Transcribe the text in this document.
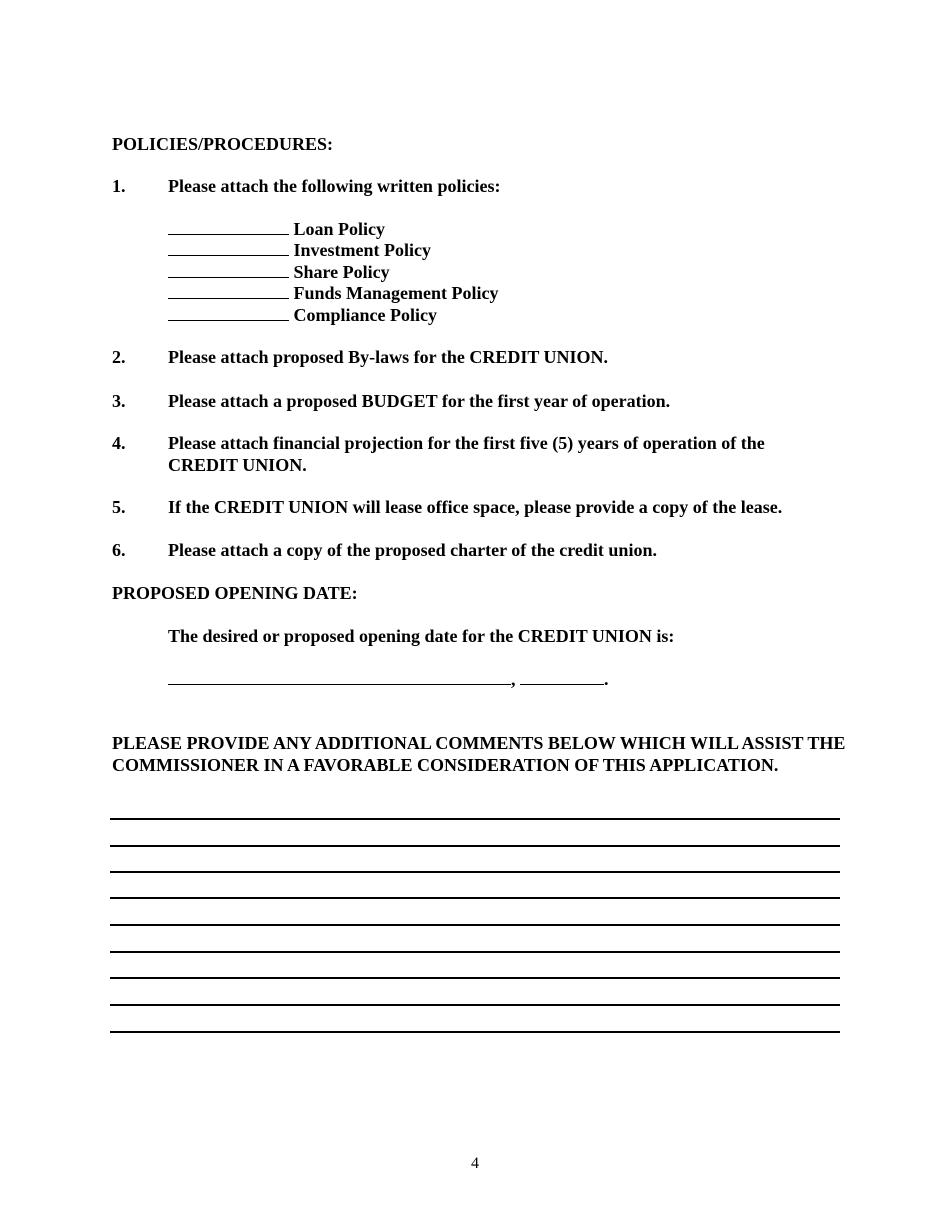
POLICIES/PROCEDURES:
1. Please attach the following written policies:
Loan Policy
Investment Policy
Share Policy
Funds Management Policy
Compliance Policy
2. Please attach proposed By-laws for the CREDIT UNION.
3. Please attach a proposed BUDGET for the first year of operation.
4. Please attach financial projection for the first five (5) years of operation of the CREDIT UNION.
5. If the CREDIT UNION will lease office space, please provide a copy of the lease.
6. Please attach a copy of the proposed charter of the credit union.
PROPOSED OPENING DATE:
The desired or proposed opening date for the CREDIT UNION is:
,	.
PLEASE PROVIDE ANY ADDITIONAL COMMENTS BELOW WHICH WILL ASSIST THE COMMISSIONER IN A FAVORABLE CONSIDERATION OF THIS APPLICATION.
4
